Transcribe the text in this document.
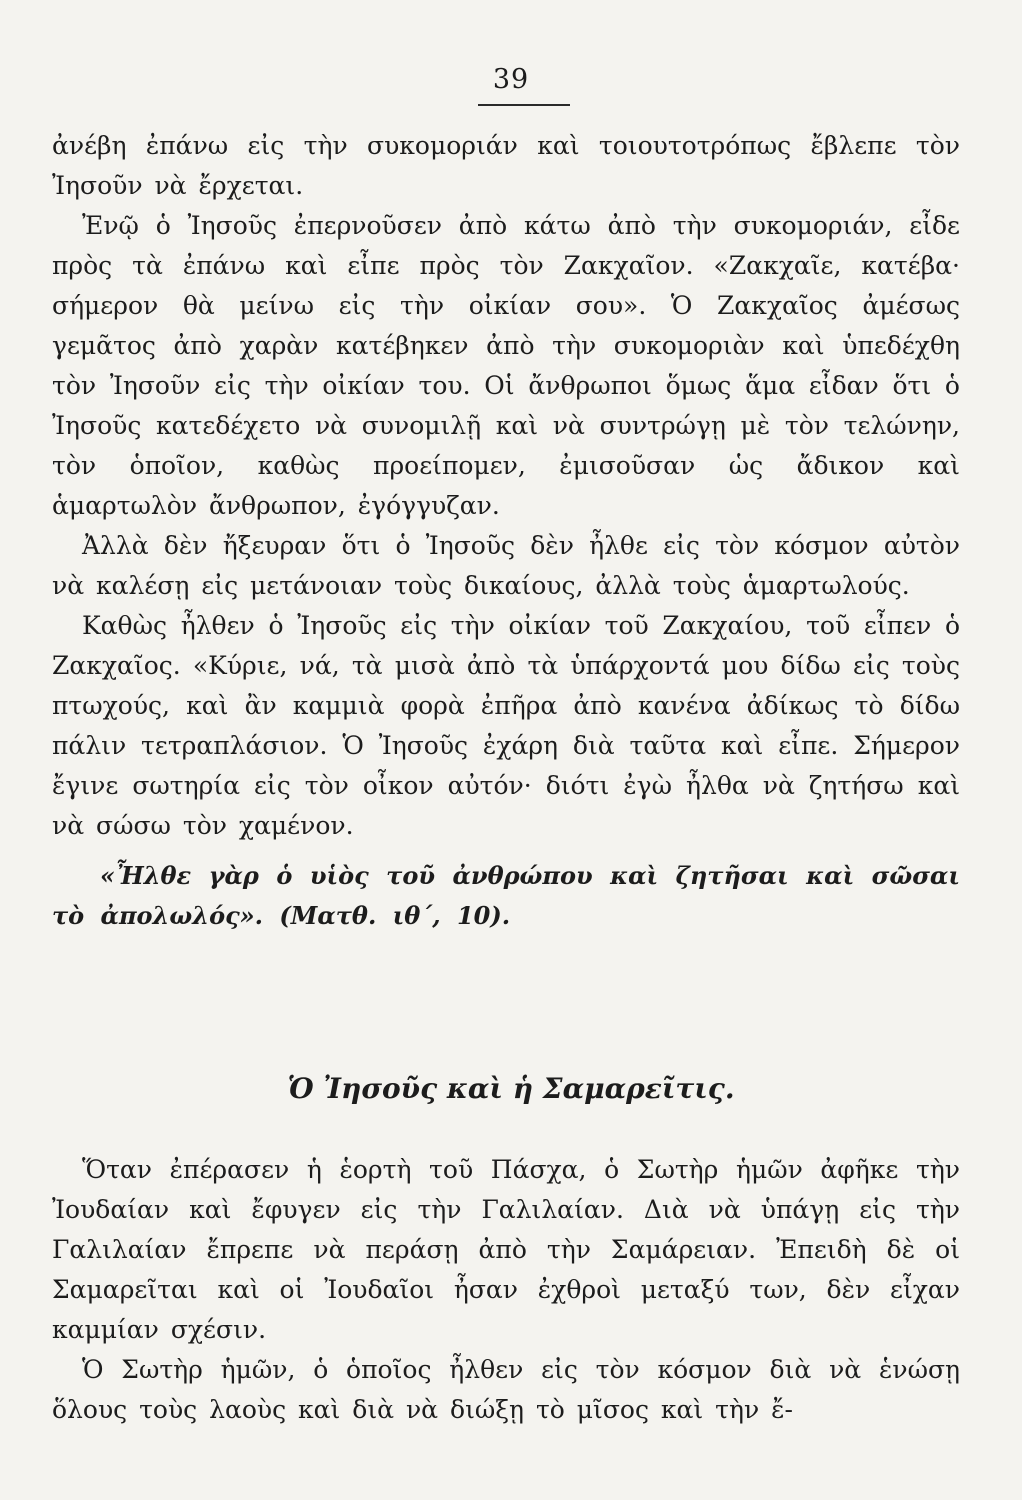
39

ἀνέβη ἐπάνω εἰς τὴν συκομοριάν καὶ τοιουτοτρόπως ἔβλεπε τὸν Ἰησοῦν νὰ ἔρχεται.

Ἐνῷ ὁ Ἰησοῦς ἐπερνοῦσεν ἀπὸ κάτω ἀπὸ τὴν συκομοριάν, εἶδε πρὸς τὰ ἐπάνω καὶ εἶπε πρὸς τὸν Ζακχαῖον. «Ζακχαῖε, κατέβα· σήμερον θὰ μείνω εἰς τὴν οἰκίαν σου». Ὁ Ζακχαῖος ἀμέσως γεμᾶτος ἀπὸ χαρὰν κατέβηκεν ἀπὸ τὴν συκομοριὰν καὶ ὑπεδέχθη τὸν Ἰησοῦν εἰς τὴν οἰκίαν του. Οἱ ἄνθρωποι ὅμως ἅμα εἶδαν ὅτι ὁ Ἰησοῦς κατεδέχετο νὰ συνομιλῇ καὶ νὰ συντρώγῃ μὲ τὸν τελώνην, τὸν ὁποῖον, καθὼς προείπομεν, ἐμισοῦσαν ὡς ἄδικον καὶ ἁμαρτωλὸν ἄνθρωπον, ἐγόγγυζαν.

Ἀλλὰ δὲν ἤξευραν ὅτι ὁ Ἰησοῦς δὲν ἦλθε εἰς τὸν κόσμον αὐτὸν νὰ καλέσῃ εἰς μετάνοιαν τοὺς δικαίους, ἀλλὰ τοὺς ἁμαρτωλούς.

Καθὼς ἦλθεν ὁ Ἰησοῦς εἰς τὴν οἰκίαν τοῦ Ζακχαίου, τοῦ εἶπεν ὁ Ζακχαῖος. «Κύριε, νά, τὰ μισὰ ἀπὸ τὰ ὑπάρχοντά μου δίδω εἰς τοὺς πτωχούς, καὶ ἂν καμμιὰ φορὰ ἐπῆρα ἀπὸ κανένα ἀδίκως τὸ δίδω πάλιν τετραπλάσιον. Ὁ Ἰησοῦς ἐχάρη διὰ ταῦτα καὶ εἶπε. Σήμερον ἔγινε σωτηρία εἰς τὸν οἶκον αὐτόν· διότι ἐγὼ ἦλθα νὰ ζητήσω καὶ νὰ σώσω τὸν χαμένον.

«Ἦλθε γὰρ ὁ υἱὸς τοῦ ἀνθρώπου καὶ ζητῆσαι καὶ σῶσαι τὸ ἀπολωλός». (Ματθ. ιθ΄, 10).
Ὁ Ἰησοῦς καὶ ἡ Σαμαρεῖτις.

Ὅταν ἐπέρασεν ἡ ἑορτὴ τοῦ Πάσχα, ὁ Σωτὴρ ἡμῶν ἀφῆκε τὴν Ἰουδαίαν καὶ ἔφυγεν εἰς τὴν Γαλιλαίαν. Διὰ νὰ ὑπάγῃ εἰς τὴν Γαλιλαίαν ἔπρεπε νὰ περάσῃ ἀπὸ τὴν Σαμάρειαν. Ἐπειδὴ δὲ οἱ Σαμαρεῖται καὶ οἱ Ἰουδαῖοι ἦσαν ἐχθροὶ μεταξύ των, δὲν εἶχαν καμμίαν σχέσιν.

Ὁ Σωτὴρ ἡμῶν, ὁ ὁποῖος ἦλθεν εἰς τὸν κόσμον διὰ νὰ ἑνώσῃ ὅλους τοὺς λαοὺς καὶ διὰ νὰ διώξῃ τὸ μῖσος καὶ τὴν ἔ-
